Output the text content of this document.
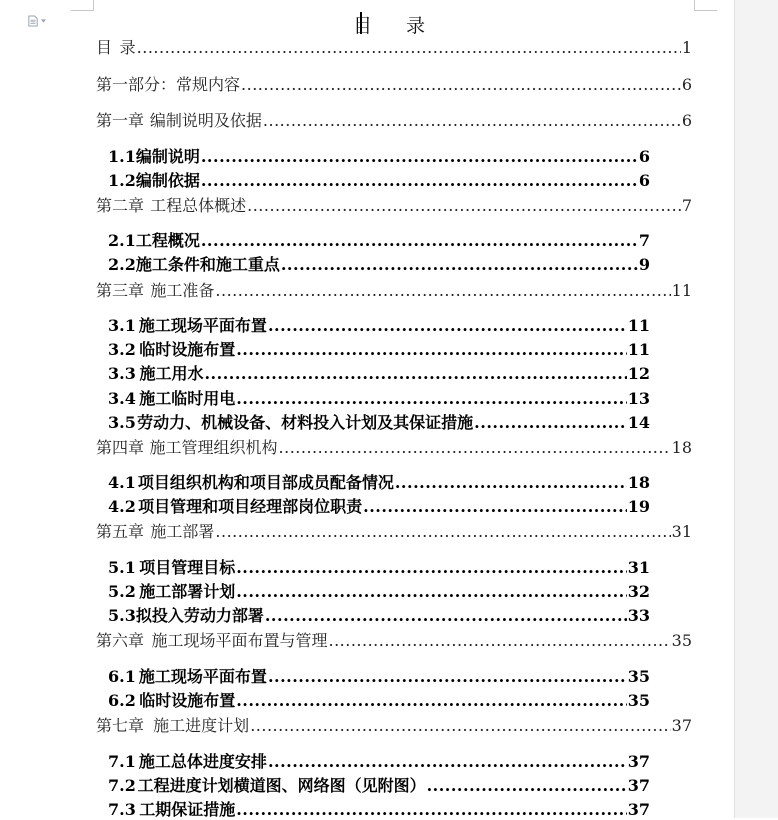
目 录
目 录 .....	1
第一部分：常规内容 .....	6
第一章 编制说明及依据 .....	6
1.1 编制说明 .....	6
1.2 编制依据 .....	6
第二章 工程总体概述 .....	7
2.1 工程概况 .....	7
2.2 施工条件和施工重点 .....	9
第三章 施工准备 .....	11
3.1 施工现场平面布置 .....	11
3.2 临时设施布置 .....	11
3.3 施工用水 .....	12
3.4 施工临时用电 .....	13
3.5 劳动力、机械设备、材料投入计划及其保证措施 .....	14
第四章 施工管理组织机构 .....	18
4.1 项目组织机构和项目部成员配备情况 .....	18
4.2 项目管理和项目经理部岗位职责 .....	19
第五章 施工部署 .....	31
5.1 项目管理目标 .....	31
5.2 施工部署计划 .....	32
5.3 拟投入劳动力部署 .....	33
第六章 施工现场平面布置与管理 .....	35
6.1 施工现场平面布置 .....	35
6.2 临时设施布置 .....	35
第七章 施工进度计划 .....	37
7.1 施工总体进度安排 .....	37
7.2 工程进度计划横道图、网络图（见附图） .....	37
7.3 工期保证措施 .....	37
